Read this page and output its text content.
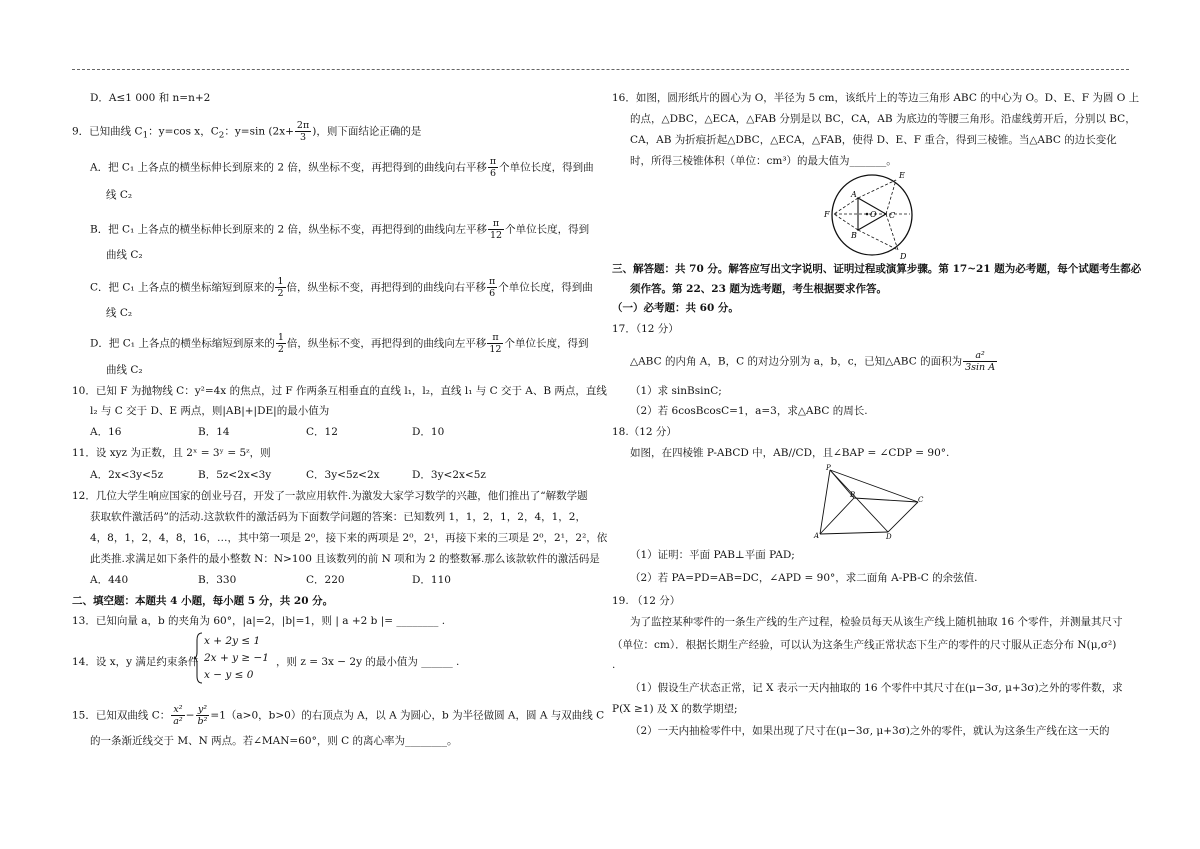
D．A≤1 000 和 n=n+2
9．已知曲线 $C_1$：y=cos x，$C_2$：y=sin ($2x+ \frac{2\pi}{3}$ )，则下面结论正确的是
A．把 C₁ 上各点的横坐标伸长到原来的 2 倍，纵坐标不变，再把得到的曲线向右平移 $\frac{\pi}{6}$ 个单位长度，得到曲
线 C₂
B．把 C₁ 上各点的横坐标伸长到原来的 2 倍，纵坐标不变，再把得到的曲线向左平移 $\frac{\pi}{12}$ 个单位长度，得到
曲线 C₂
C．把 C₁ 上各点的横坐标缩短到原来的 $\frac{1}{2}$ 倍，纵坐标不变，再把得到的曲线向右平移 $\frac{\pi}{6}$ 个单位长度，得到曲
线 C₂
D．把 C₁ 上各点的横坐标缩短到原来的 $\frac{1}{2}$ 倍，纵坐标不变，再把得到的曲线向左平移 $\frac{\pi}{12}$ 个单位长度，得到
曲线 C₂
10．已知 F 为抛物线 C：y²=4x 的焦点，过 F 作两条互相垂直的直线 l₁，l₂，直线 l₁ 与 C 交于 A、B 两点，直线
l₂ 与 C 交于 D、E 两点，则|AB|+|DE|的最小值为
A．16	B．14	C．12	D．10
11．设 xyz 为正数，且 2ˣ = 3ʸ = 5ᶻ，则
A．2x<3y<5z	B．5z<2x<3y	C．3y<5z<2x	D．3y<2x<5z
12．几位大学生响应国家的创业号召，开发了一款应用软件.为激发大家学习数学的兴趣，他们推出了“解数学题
获取软件激活码”的活动.这款软件的激活码为下面数学问题的答案：已知数列 1，1，2，1，2，4，1，2，
4，8，1，2，4，8，16，…，其中第一项是 2⁰，接下来的两项是 2⁰，2¹，再接下来的三项是 2⁰，2¹，2²，依
此类推.求满足如下条件的最小整数 N：N>100 且该数列的前 N 项和为 2 的整数幂.那么该款软件的激活码是
A．440	B．330	C．220	D．110
二、填空题：本题共 4 小题，每小题 5 分，共 20 分。
13．已知向量 a，b 的夹角为 60°，|a|=2，|b|=1，则 | a +2 b |= ________ .
14．设 x，y 满足约束条件
x + 2y ≤ 1
2x + y ≥ −1
x − y ≤ 0
，则 z = 3x − 2y 的最小值为 ______ .
15．已知双曲线 C： $\frac{\text{x²}}{\text{a²}} - \frac{\text{y²}}{\text{b²}} =1(a>0$，b>0）的右顶点为 A，以 A 为圆心，b 为半径做圆 A，圆 A 与双曲线 C
的一条渐近线交于 M、N 两点。若∠MAN=60°，则 C 的离心率为________。
16．如图，圆形纸片的圆心为 O，半径为 5 cm，该纸片上的等边三角形 ABC 的中心为 O。D、E、F 为圆 O 上
的点，△DBC，△ECA，△FAB 分别是以 BC，CA，AB 为底边的等腰三角形。沿虚线剪开后，分别以 BC，
CA，AB 为折痕折起△DBC，△ECA，△FAB，使得 D、E、F 重合，得到三棱锥。当△ABC 的边长变化
时，所得三棱锥体积（单位：cm³）的最大值为_______。
A
B
C
D
E
F	O
三、解答题：共 70 分。解答应写出文字说明、证明过程或演算步骤。第 17~21 题为必考题，每个试题考生都必
须作答。第 22、23 题为选考题，考生根据要求作答。
（一）必考题：共 60 分。
17．（12 分）
△ABC 的内角 A，B，C 的对边分别为 a，b，c，已知△ABC 的面积为 $\frac{\text{a²}}{\text{3sin A}}$
（1）求 sinBsinC;
（2）若 6cosBcosC=1，a=3，求△ABC 的周长.
18.（12 分）
如图，在四棱锥 P-ABCD 中，AB//CD，且∠BAP = ∠CDP = 90°.
P
A
B
C
D
（1）证明：平面 PAB⊥平面 PAD;
（2）若 PA=PD=AB=DC，∠APD = 90°，求二面角 A-PB-C 的余弦值.
19. （12 分）
为了监控某种零件的一条生产线的生产过程，检验员每天从该生产线上随机抽取 16 个零件，并测量其尺寸
（单位：cm）．根据长期生产经验，可以认为这条生产线正常状态下生产的零件的尺寸服从正态分布 N(μ,σ²)
.
（1）假设生产状态正常，记 X 表示一天内抽取的 16 个零件中其尺寸在(μ−3σ, μ+3σ)之外的零件数，求
P(X ≥1) 及 X 的数学期望;
（2）一天内抽检零件中，如果出现了尺寸在(μ−3σ, μ+3σ)之外的零件，就认为这条生产线在这一天的
